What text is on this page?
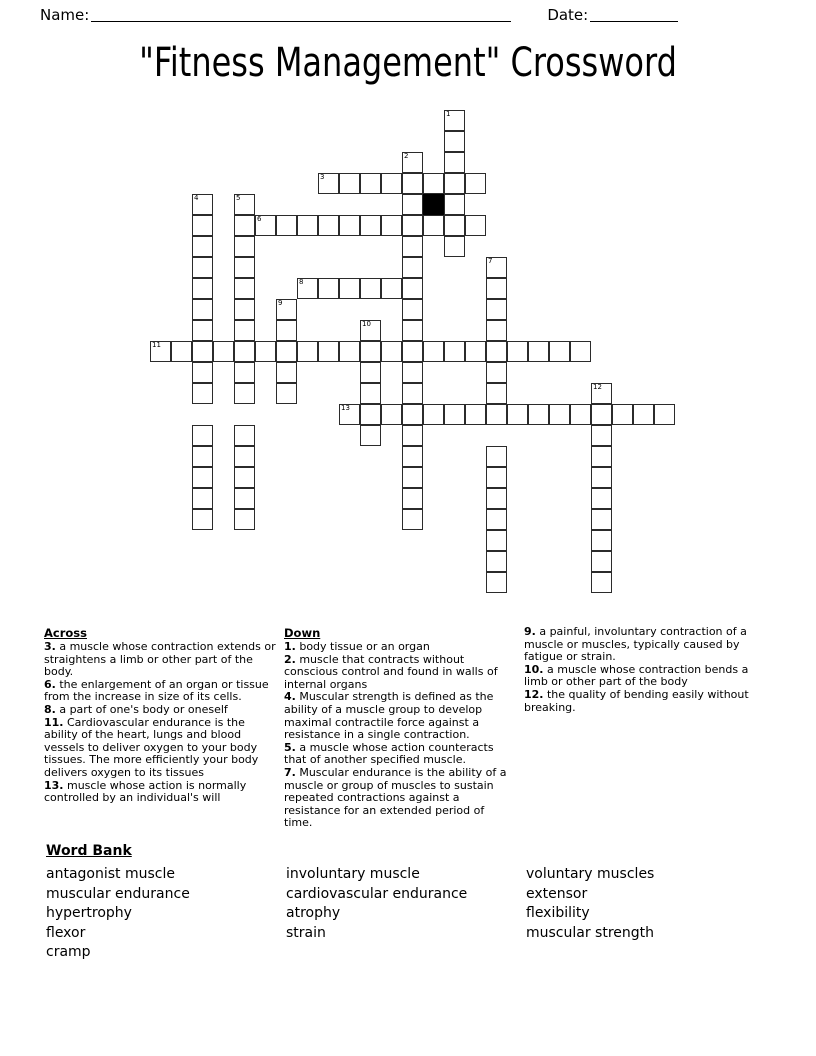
Name:	Date:
"Fitness Management" Crossword
1
2
3
4	5
6
7
8
9
10
11
12
13
Across

3. a muscle whose contraction extends or straightens a limb or other part of the body.

6. the enlargement of an organ or tissue from the increase in size of its cells.

8. a part of one's body or oneself

11. Cardiovascular endurance is the ability of the heart, lungs and blood vessels to deliver oxygen to your body tissues. The more efficiently your body delivers oxygen to its tissues

13. muscle whose action is normally controlled by an individual's will

Down

1. body tissue or an organ

2. muscle that contracts without conscious control and found in walls of internal organs

4. Muscular strength is defined as the ability of a muscle group to develop maximal contractile force against a resistance in a single contraction.

5. a muscle whose action counteracts that of another specified muscle.

7. Muscular endurance is the ability of a muscle or group of muscles to sustain repeated contractions against a resistance for an extended period of time.

9. a painful, involuntary contraction of a muscle or muscles, typically caused by fatigue or strain.

10. a muscle whose contraction bends a limb or other part of the body

12. the quality of bending easily without breaking.

Word Bank
antagonist muscle
muscular endurance
hypertrophy
flexor
cramp
involuntary muscle
cardiovascular endurance
atrophy
strain
voluntary muscles
extensor
flexibility
muscular strength
